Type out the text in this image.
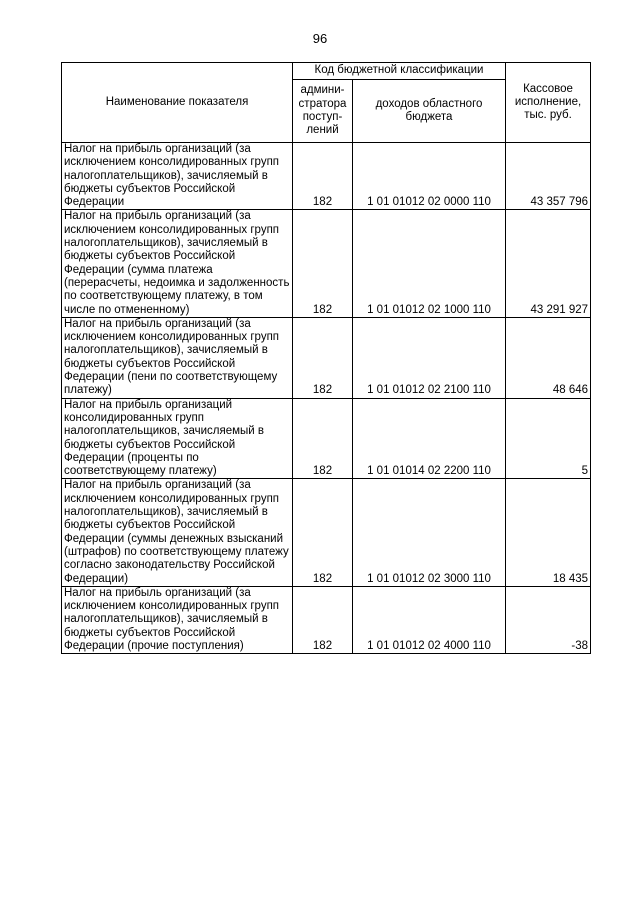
96
Наименование показателя	Код бюджетной классификации		Кассовое исполнение, тыс. руб.
	админи-стратора поступ-лений	доходов областного бюджета	
Налог на прибыль организаций (за исключением консолидированных групп налогоплательщиков), зачисляемый в бюджеты субъектов Российской Федерации	182	1 01 01012 02 0000 110	43 357 796
Налог на прибыль организаций (за исключением консолидированных групп налогоплательщиков), зачисляемый в бюджеты субъектов Российской Федерации (сумма платежа (перерасчеты, недоимка и задолженность по соответствующему платежу, в том числе по отмененному)	182	1 01 01012 02 1000 110	43 291 927
Налог на прибыль организаций (за исключением консолидированных групп налогоплательщиков), зачисляемый в бюджеты субъектов Российской Федерации (пени по соответствующему платежу)	182	1 01 01012 02 2100 110	48 646
Налог на прибыль организаций консолидированных групп налогоплательщиков, зачисляемый в бюджеты субъектов Российской Федерации (проценты по соответствующему платежу)	182	1 01 01014 02 2200 110	5
Налог на прибыль организаций (за исключением консолидированных групп налогоплательщиков), зачисляемый в бюджеты субъектов Российской Федерации (суммы денежных взысканий (штрафов) по соответствующему платежу согласно законодательству Российской Федерации)	182	1 01 01012 02 3000 110	18 435
Налог на прибыль организаций (за исключением консолидированных групп налогоплательщиков), зачисляемый в бюджеты субъектов Российской Федерации (прочие поступления)	182	1 01 01012 02 4000 110	-38
